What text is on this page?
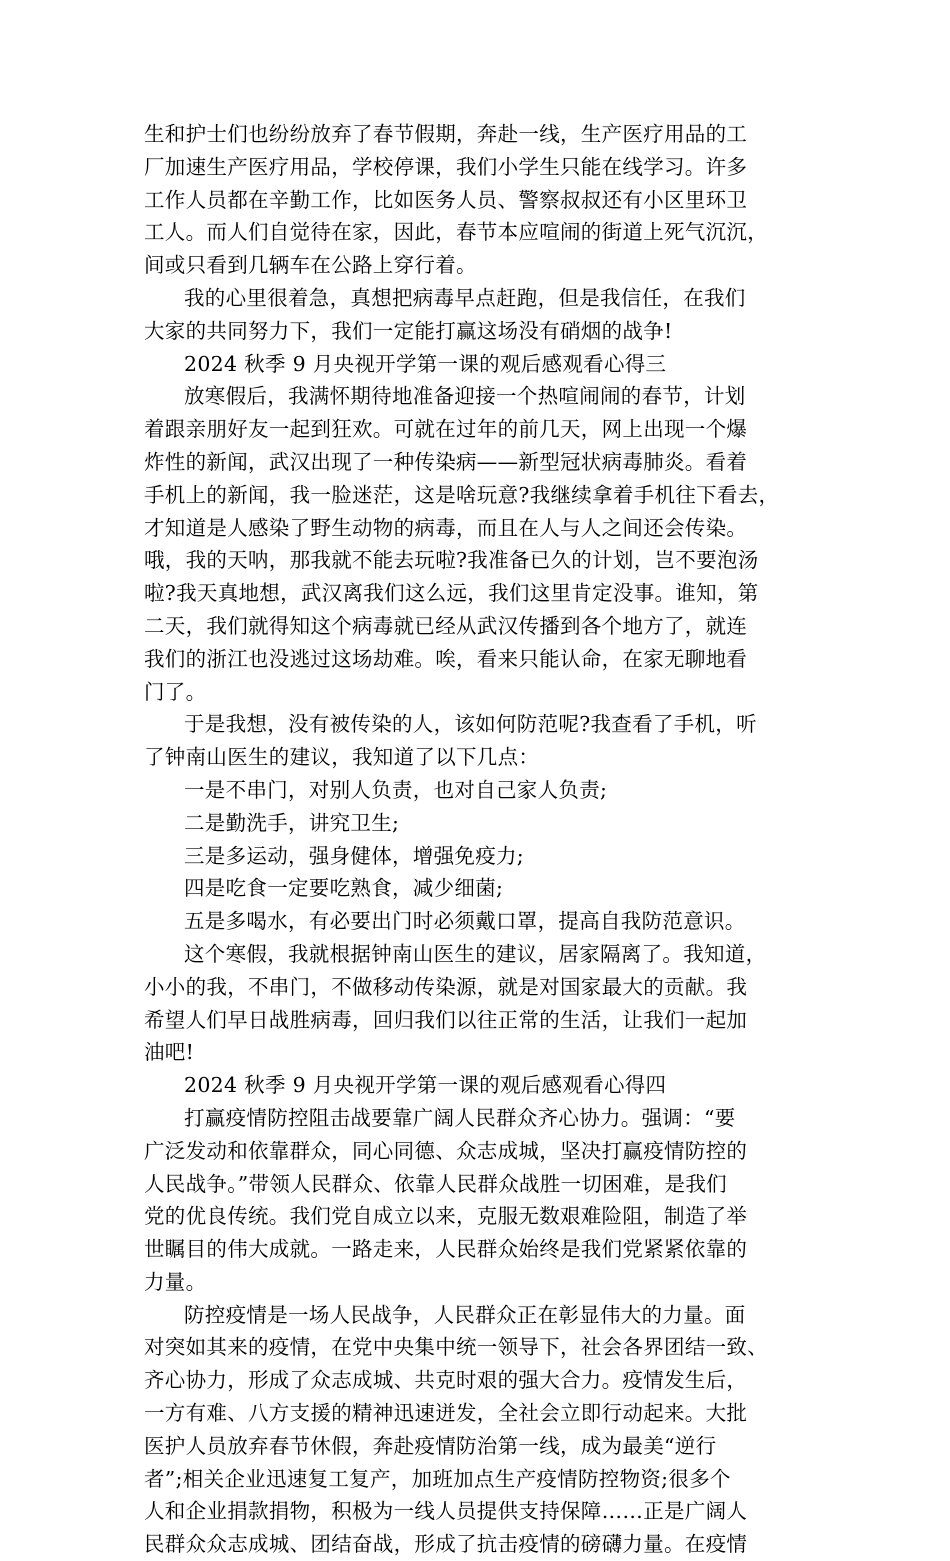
生和护士们也纷纷放弃了春节假期，奔赴一线，生产医疗用品的工
厂加速生产医疗用品，学校停课，我们小学生只能在线学习。许多
工作人员都在辛勤工作，比如医务人员、警察叔叔还有小区里环卫
工人。而人们自觉待在家，因此，春节本应喧闹的街道上死气沉沉，
间或只看到几辆车在公路上穿行着。
我的心里很着急，真想把病毒早点赶跑，但是我信任，在我们
大家的共同努力下，我们一定能打赢这场没有硝烟的战争!
2024 秋季 9 月央视开学第一课的观后感观看心得三
放寒假后，我满怀期待地准备迎接一个热喧闹闹的春节，计划
着跟亲朋好友一起到狂欢。可就在过年的前几天，网上出现一个爆
炸性的新闻，武汉出现了一种传染病——新型冠状病毒肺炎。看着
手机上的新闻，我一脸迷茫，这是啥玩意?我继续拿着手机往下看去，
才知道是人感染了野生动物的病毒，而且在人与人之间还会传染。
哦，我的天呐，那我就不能去玩啦?我准备已久的计划，岂不要泡汤
啦?我天真地想，武汉离我们这么远，我们这里肯定没事。谁知，第
二天，我们就得知这个病毒就已经从武汉传播到各个地方了，就连
我们的浙江也没逃过这场劫难。唉，看来只能认命，在家无聊地看
门了。
于是我想，没有被传染的人，该如何防范呢?我查看了手机，听
了钟南山医生的建议，我知道了以下几点：
一是不串门，对别人负责，也对自己家人负责;
二是勤洗手，讲究卫生;
三是多运动，强身健体，增强免疫力;
四是吃食一定要吃熟食，减少细菌;
五是多喝水，有必要出门时必须戴口罩，提高自我防范意识。
这个寒假，我就根据钟南山医生的建议，居家隔离了。我知道，
小小的我，不串门，不做移动传染源，就是对国家最大的贡献。我
希望人们早日战胜病毒，回归我们以往正常的生活，让我们一起加
油吧!
2024 秋季 9 月央视开学第一课的观后感观看心得四
打赢疫情防控阻击战要靠广阔人民群众齐心协力。强调：“要
广泛发动和依靠群众，同心同德、众志成城，坚决打赢疫情防控的
人民战争。”带领人民群众、依靠人民群众战胜一切困难，是我们
党的优良传统。我们党自成立以来，克服无数艰难险阻，制造了举
世瞩目的伟大成就。一路走来，人民群众始终是我们党紧紧依靠的
力量。
防控疫情是一场人民战争，人民群众正在彰显伟大的力量。面
对突如其来的疫情，在党中央集中统一领导下，社会各界团结一致、
齐心协力，形成了众志成城、共克时艰的强大合力。疫情发生后，
一方有难、八方支援的精神迅速迸发，全社会立即行动起来。大批
医护人员放弃春节休假，奔赴疫情防治第一线，成为最美“逆行
者”;相关企业迅速复工复产，加班加点生产疫情防控物资;很多个
人和企业捐款捐物，积极为一线人员提供支持保障……正是广阔人
民群众众志成城、团结奋战，形成了抗击疫情的磅礴力量。在疫情
